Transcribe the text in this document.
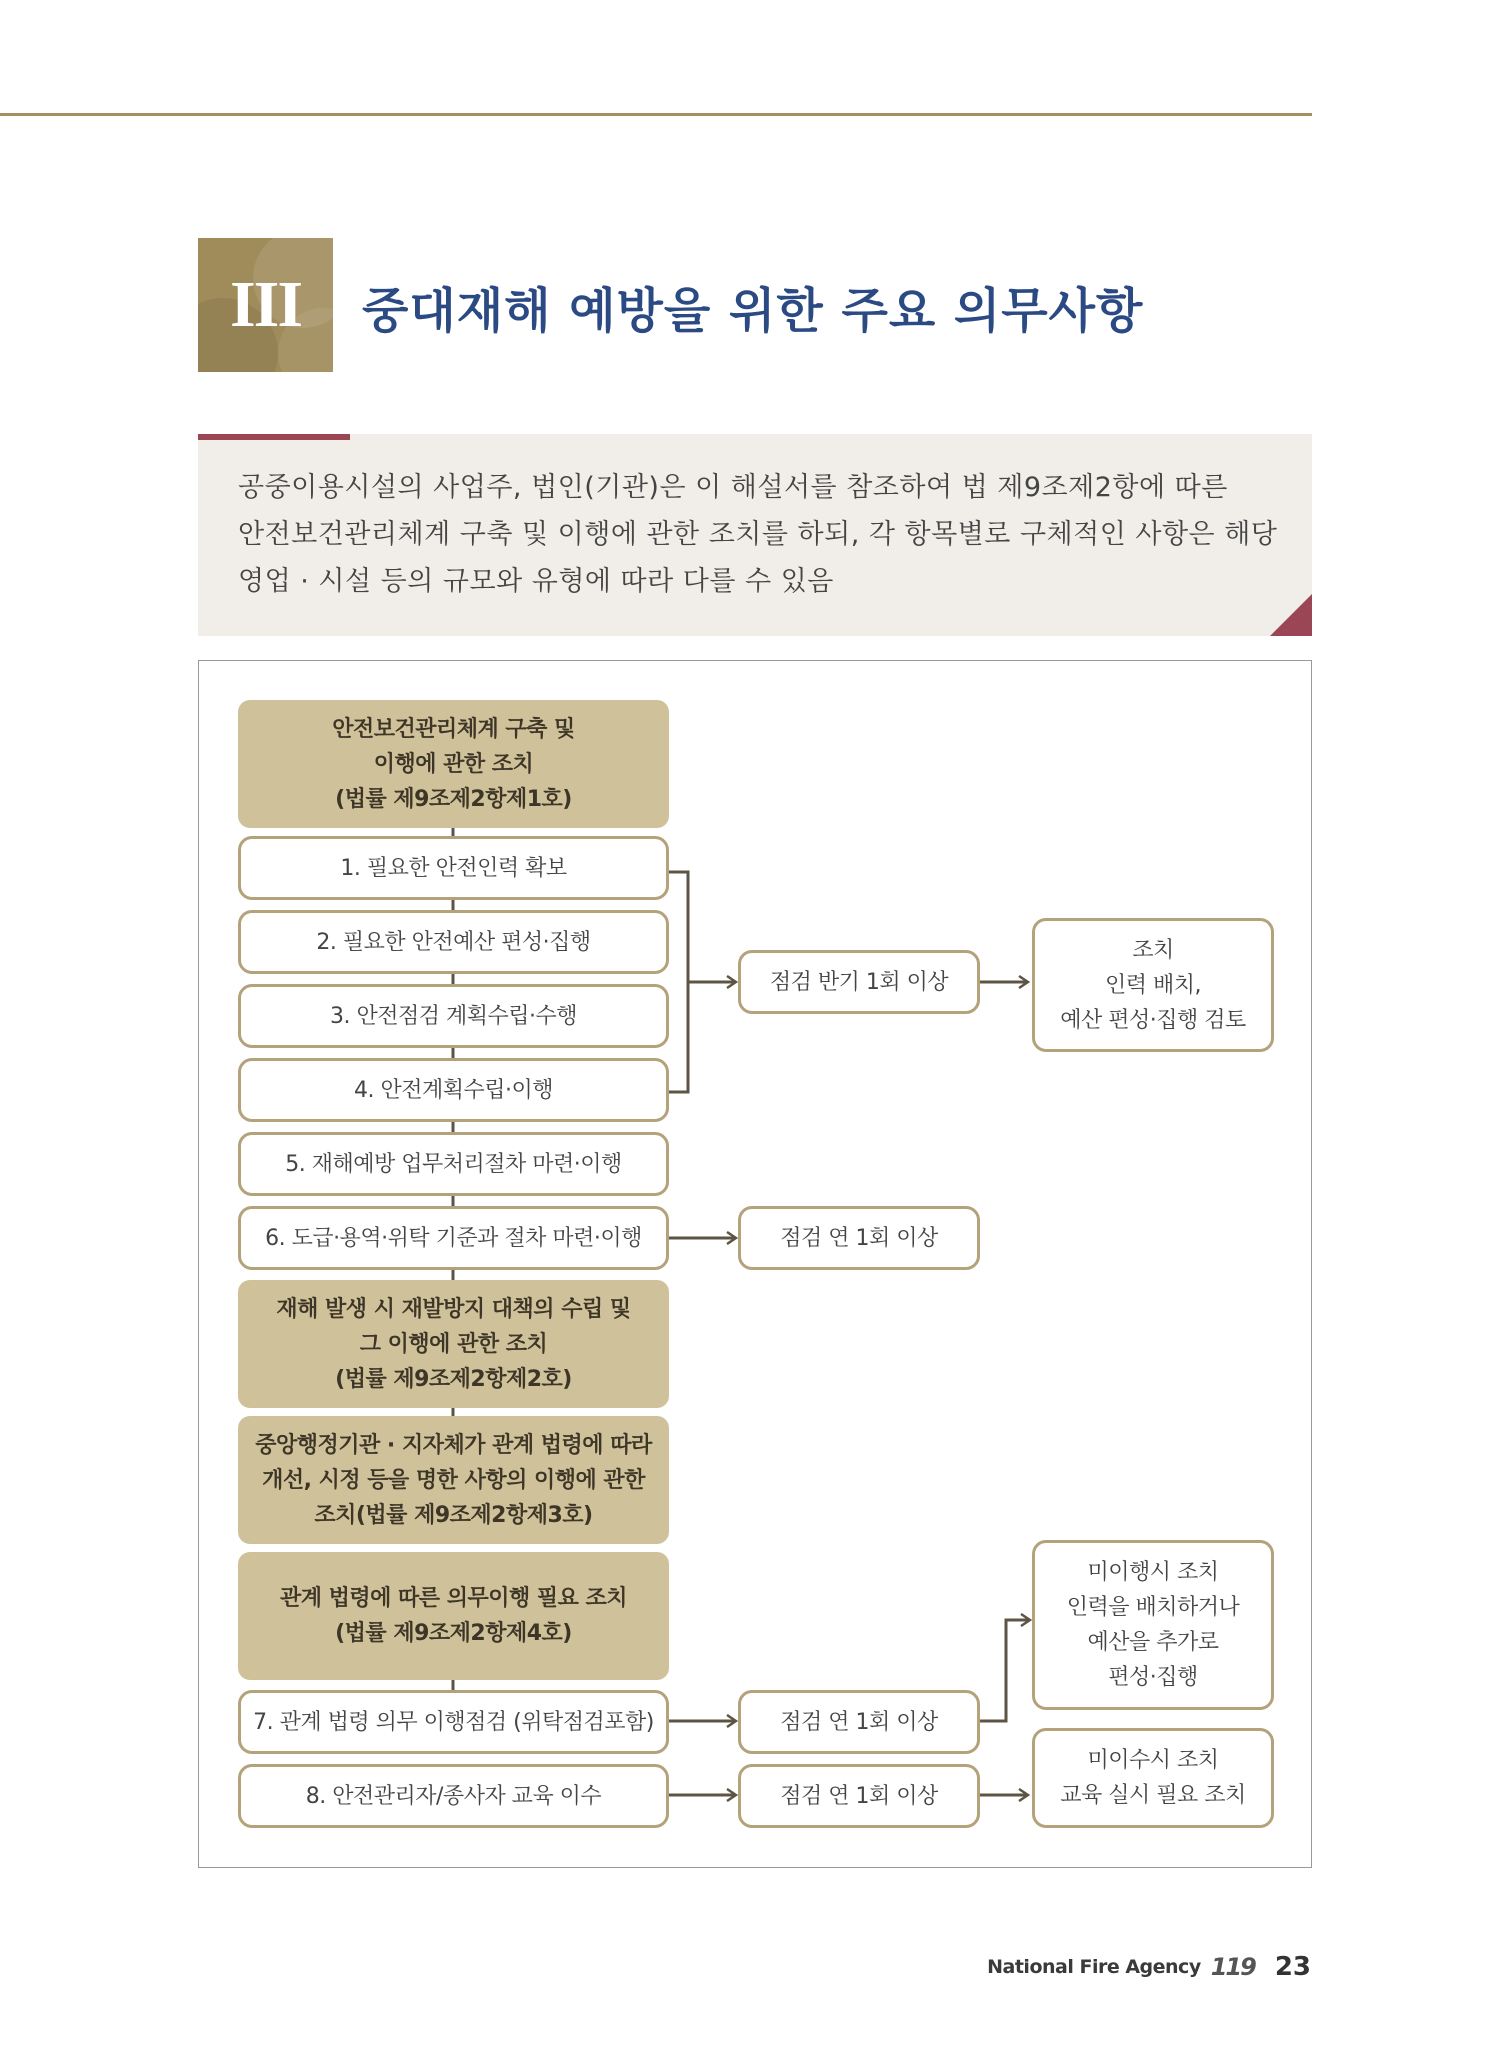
III	중대재해 예방을 위한 주요 의무사항
공중이용시설의 사업주, 법인(기관)은 이 해설서를 참조하여 법 제9조제2항에 따른
안전보건관리체계 구축 및 이행에 관한 조치를 하되, 각 항목별로 구체적인 사항은 해당
영업 · 시설 등의 규모와 유형에 따라 다를 수 있음
안전보건관리체계 구축 및
이행에 관한 조치
(법률 제9조제2항제1호)
1. 필요한 안전인력 확보
2. 필요한 안전예산 편성·집행
3. 안전점검 계획수립·수행
4. 안전계획수립·이행
5. 재해예방 업무처리절차 마련·이행
6. 도급·용역·위탁 기준과 절차 마련·이행
재해 발생 시 재발방지 대책의 수립 및
그 이행에 관한 조치
(법률 제9조제2항제2호)
중앙행정기관 · 지자체가 관계 법령에 따라
개선, 시정 등을 명한 사항의 이행에 관한
조치(법률 제9조제2항제3호)
관계 법령에 따른 의무이행 필요 조치
(법률 제9조제2항제4호)
7. 관계 법령 의무 이행점검 (위탁점검포함)
8. 안전관리자/종사자 교육 이수
점검 반기 1회 이상
점검 연 1회 이상
점검 연 1회 이상
점검 연 1회 이상
조치
인력 배치,
예산 편성·집행 검토
미이행시 조치
인력을 배치하거나
예산을 추가로
편성·집행
미이수시 조치
교육 실시 필요 조치
National Fire Agency 119 23
